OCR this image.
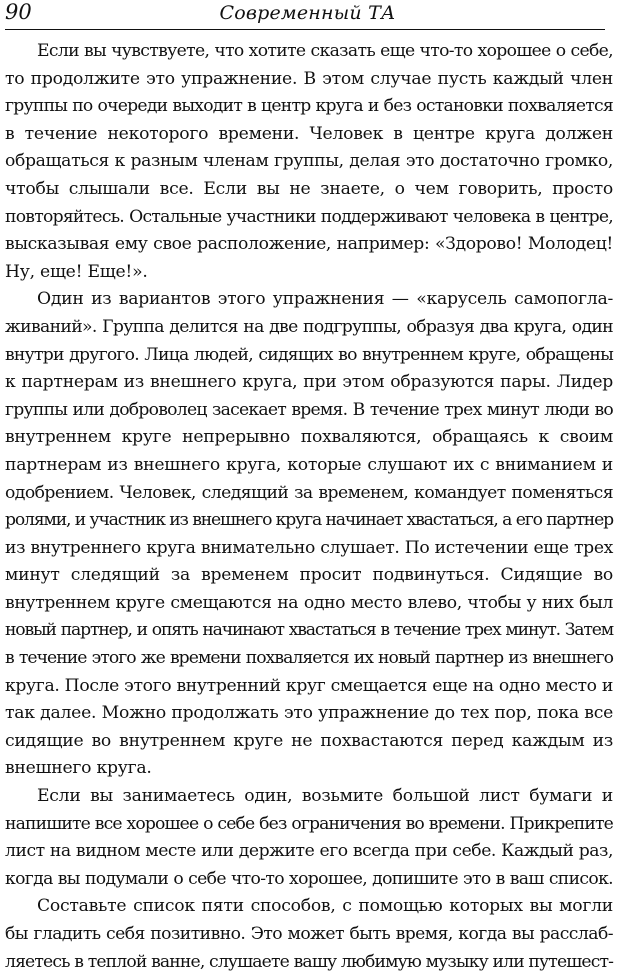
90	Современный ТА
Если вы чувствуете, что хотите сказать еще что-то хорошее о себе,
то продолжите это упражнение. В этом случае пусть каждый член
группы по очереди выходит в центр круга и без остановки похваляется
в течение некоторого времени. Человек в центре круга должен
обращаться к разным членам группы, делая это достаточно громко,
чтобы слышали все. Если вы не знаете, о чем говорить, просто
повторяйтесь. Остальные участники поддерживают человека в центре,
высказывая ему свое расположение, например: «Здорово! Молодец!
Ну, еще! Еще!».
Один из вариантов этого упражнения — «карусель самопогла-
живаний». Группа делится на две подгруппы, образуя два круга, один
внутри другого. Лица людей, сидящих во внутреннем круге, обращены
к партнерам из внешнего круга, при этом образуются пары. Лидер
группы или доброволец засекает время. В течение трех минут люди во
внутреннем круге непрерывно похваляются, обращаясь к своим
партнерам из внешнего круга, которые слушают их с вниманием и
одобрением. Человек, следящий за временем, командует поменяться
ролями, и участник из внешнего круга начинает хвастаться, а его партнер
из внутреннего круга внимательно слушает. По истечении еще трех
минут следящий за временем просит подвинуться. Сидящие во
внутреннем круге смещаются на одно место влево, чтобы у них был
новый партнер, и опять начинают хвастаться в течение трех минут. Затем
в течение этого же времени похваляется их новый партнер из внешнего
круга. После этого внутренний круг смещается еще на одно место и
так далее. Можно продолжать это упражнение до тех пор, пока все
сидящие во внутреннем круге не похвастаются перед каждым из
внешнего круга.
Если вы занимаетесь один, возьмите большой лист бумаги и
напишите все хорошее о себе без ограничения во времени. Прикрепите
лист на видном месте или держите его всегда при себе. Каждый раз,
когда вы подумали о себе что-то хорошее, допишите это в ваш список.
Составьте список пяти способов, с помощью которых вы могли
бы гладить себя позитивно. Это может быть время, когда вы расслаб-
ляетесь в теплой ванне, слушаете вашу любимую музыку или путешест-
